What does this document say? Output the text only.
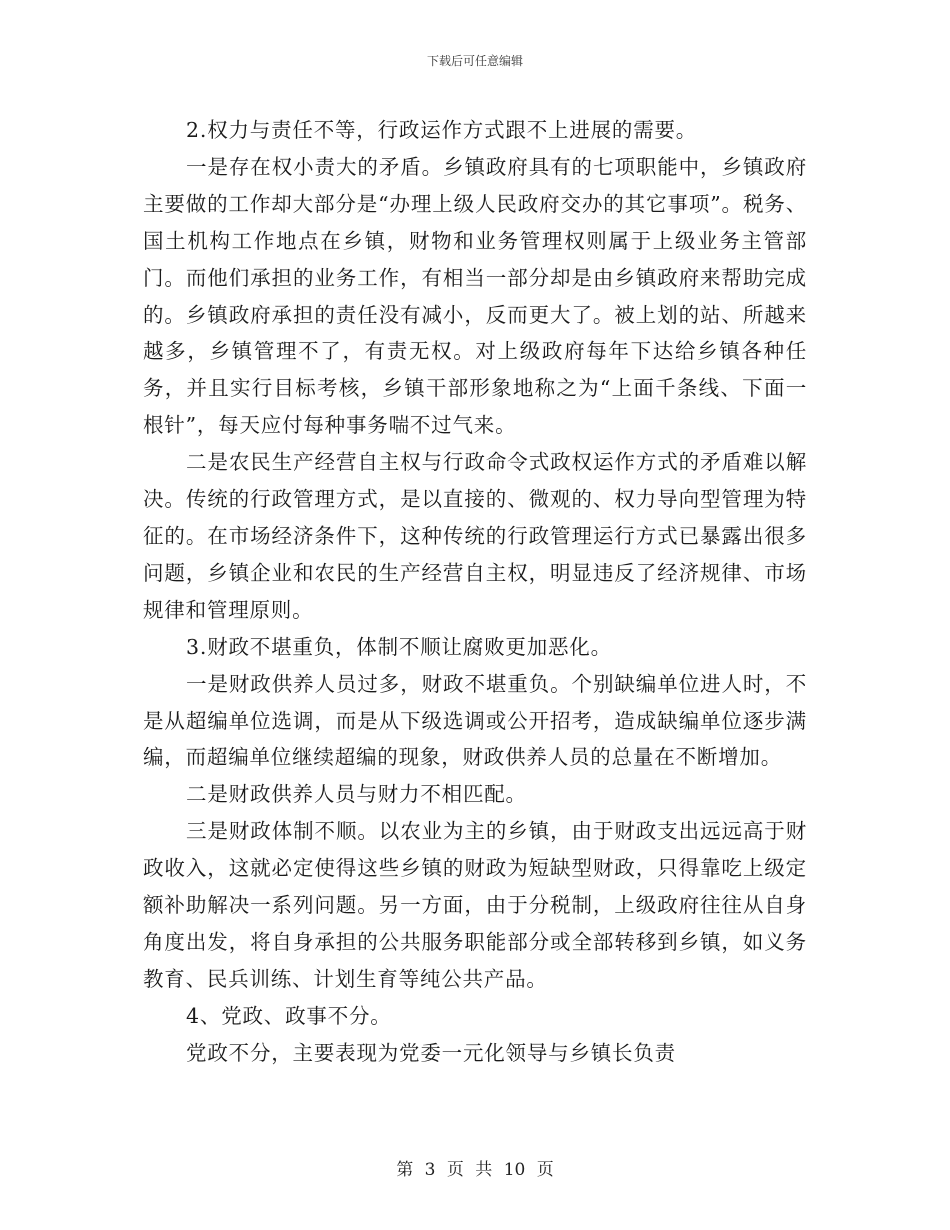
下载后可任意编辑

2.权力与责任不等，行政运作方式跟不上进展的需要。

一是存在权小责大的矛盾。乡镇政府具有的七项职能中，乡镇政府主要做的工作却大部分是“办理上级人民政府交办的其它事项”。税务、国土机构工作地点在乡镇，财物和业务管理权则属于上级业务主管部门。而他们承担的业务工作，有相当一部分却是由乡镇政府来帮助完成的。乡镇政府承担的责任没有减小，反而更大了。被上划的站、所越来越多，乡镇管理不了，有责无权。对上级政府每年下达给乡镇各种任务，并且实行目标考核，乡镇干部形象地称之为“上面千条线、下面一根针”，每天应付每种事务喘不过气来。

二是农民生产经营自主权与行政命令式政权运作方式的矛盾难以解决。传统的行政管理方式，是以直接的、微观的、权力导向型管理为特征的。在市场经济条件下，这种传统的行政管理运行方式已暴露出很多问题，乡镇企业和农民的生产经营自主权，明显违反了经济规律、市场规律和管理原则。

3.财政不堪重负，体制不顺让腐败更加恶化。

一是财政供养人员过多，财政不堪重负。个别缺编单位进人时，不是从超编单位选调，而是从下级选调或公开招考，造成缺编单位逐步满编，而超编单位继续超编的现象，财政供养人员的总量在不断增加。

二是财政供养人员与财力不相匹配。

三是财政体制不顺。以农业为主的乡镇，由于财政支出远远高于财政收入，这就必定使得这些乡镇的财政为短缺型财政，只得靠吃上级定额补助解决一系列问题。另一方面，由于分税制，上级政府往往从自身角度出发，将自身承担的公共服务职能部分或全部转移到乡镇，如义务教育、民兵训练、计划生育等纯公共产品。

4、党政、政事不分。

党政不分，主要表现为党委一元化领导与乡镇长负责

第 3 页 共 10 页
